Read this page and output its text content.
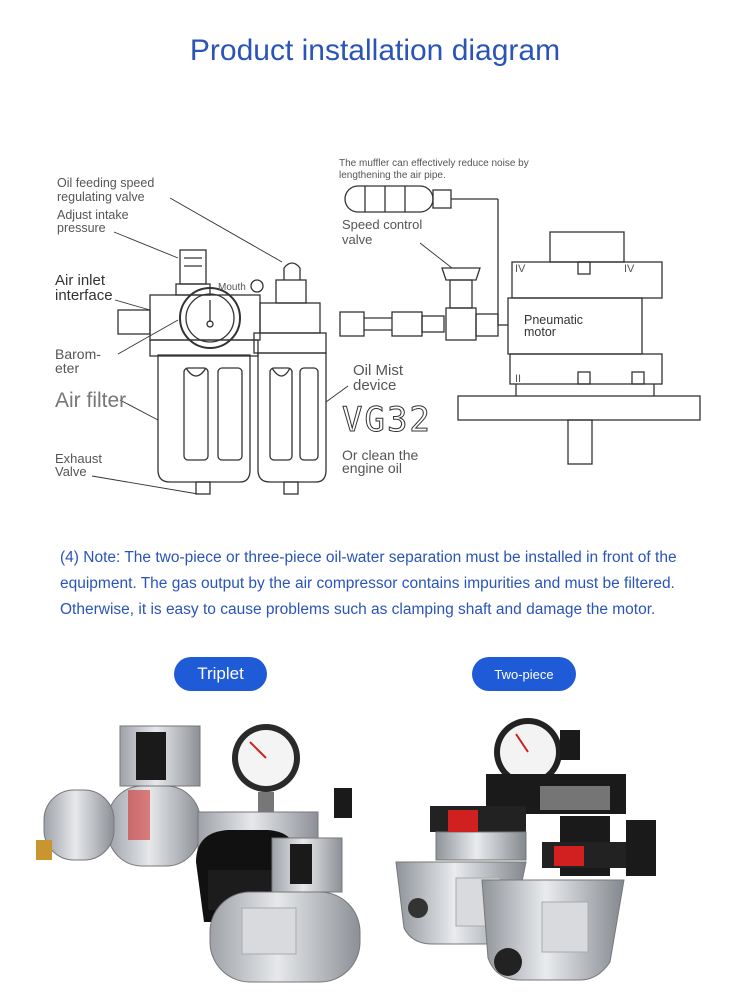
Product installation diagram
Oil feeding speed
regulating valve
Adjust intake
pressure
Air inlet
interface
Barom-
eter
Air filter
Exhaust
Valve
Mouth
The muffler can effectively reduce noise by
lengthening the air pipe.
Speed control
valve
Pneumatic
motor
IV	IV
II
Oil Mist
device
VG32
Or clean the
engine oil
(4) Note: The two-piece or three-piece oil-water separation must be installed in front of the equipment. The gas output by the air compressor contains impurities and must be filtered. Otherwise, it is easy to cause problems such as clamping shaft and damage the motor.
Triplet	Two-piece
